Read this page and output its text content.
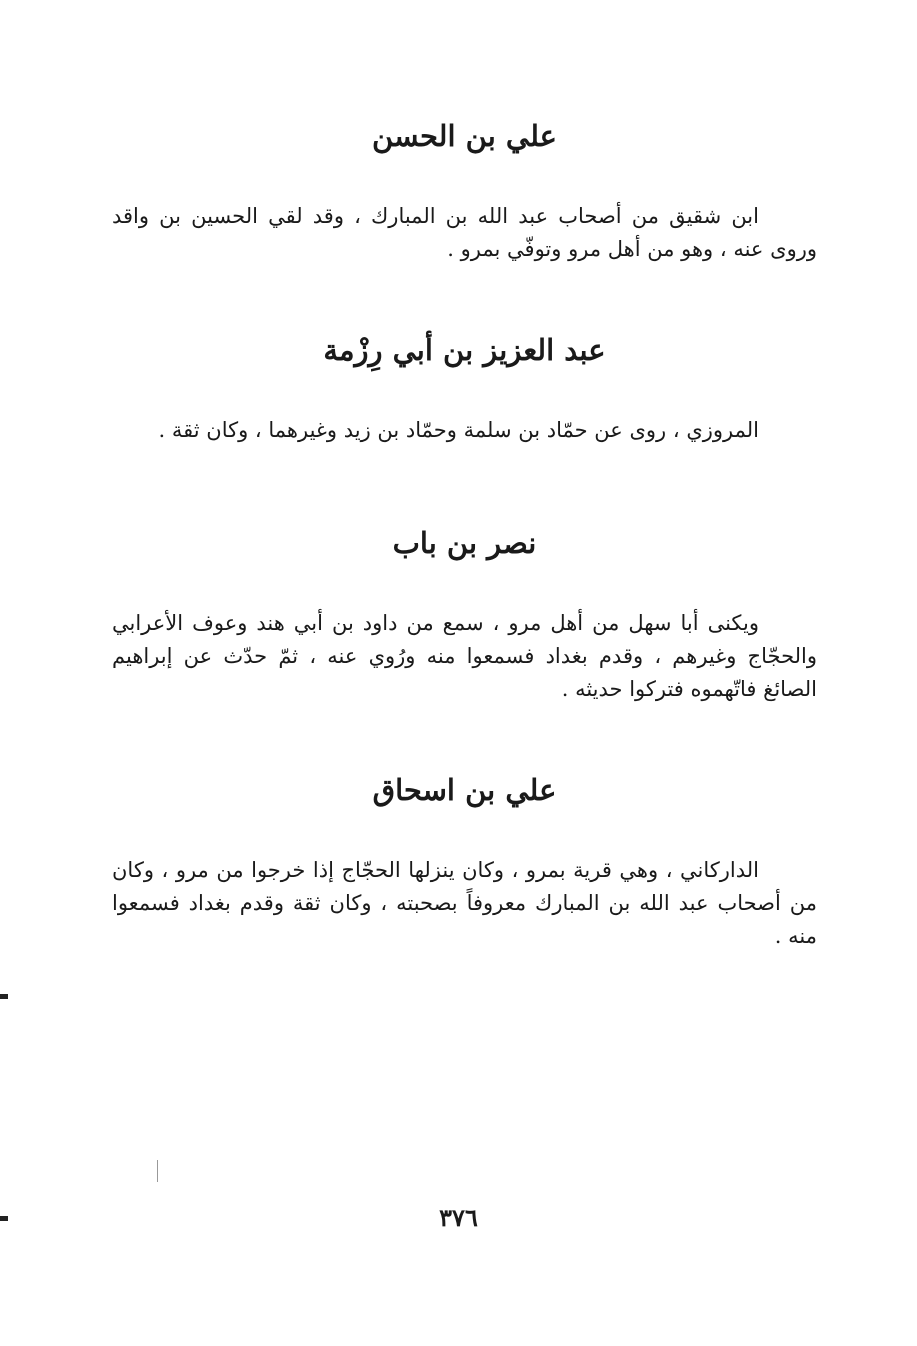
علي بن الحسن

ابن شقيق من أصحاب عبد الله بن المبارك ، وقد لقي الحسين بن واقد وروى عنه ، وهو من أهل مرو وتوفّي بمرو .

عبد العزيز بن أبي رِزْمة

المروزي ، روى عن حمّاد بن سلمة وحمّاد بن زيد وغيرهما ، وكان ثقة .

نصر بن باب

ويكنى أبا سهل من أهل مرو ، سمع من داود بن أبي هند وعوف الأعرابي والحجّاج وغيرهم ، وقدم بغداد فسمعوا منه ورُوي عنه ، ثمّ حدّث عن إبراهيم الصائغ فاتّهموه فتركوا حديثه .

علي بن اسحاق

الداركاني ، وهي قرية بمرو ، وكان ينزلها الحجّاج إذا خرجوا من مرو ، وكان من أصحاب عبد الله بن المبارك معروفاً بصحبته ، وكان ثقة وقدم بغداد فسمعوا منه .

٣٧٦
